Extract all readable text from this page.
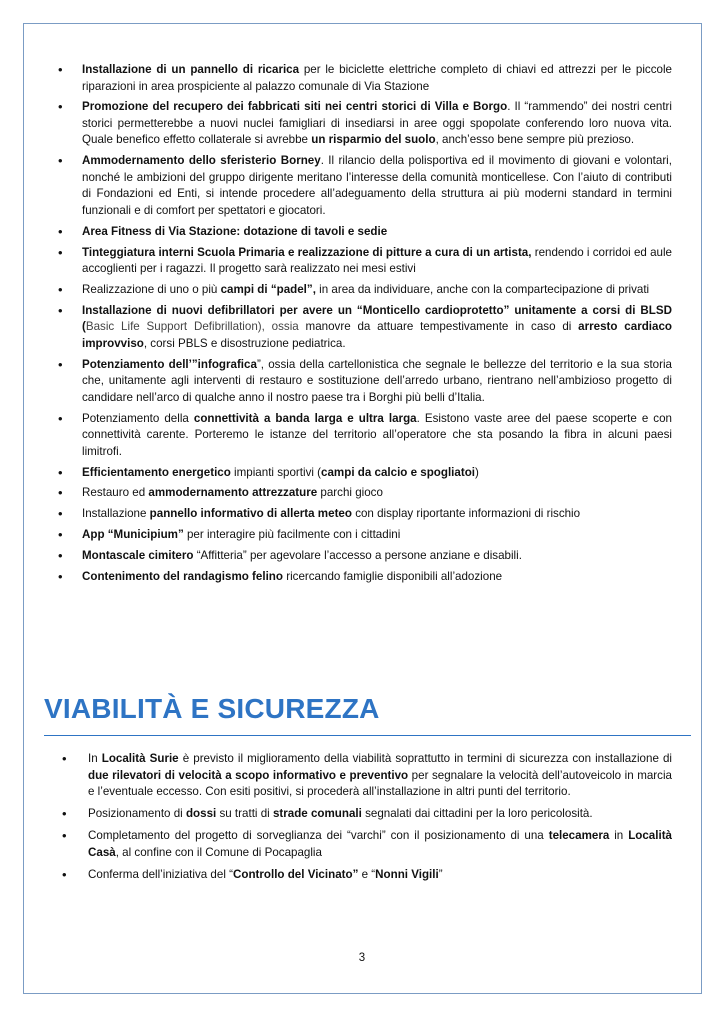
• Installazione di un pannello di ricarica per le biciclette elettriche completo di chiavi ed attrezzi per le piccole riparazioni in area prospiciente al palazzo comunale di Via Stazione
• Promozione del recupero dei fabbricati siti nei centri storici di Villa e Borgo. Il “rammendo” dei nostri centri storici permetterebbe a nuovi nuclei famigliari di insediarsi in aree oggi spopolate conferendo loro nuova vita. Quale benefico effetto collaterale si avrebbe un risparmio del suolo, anch’esso bene sempre più prezioso.
• Ammodernamento dello sferisterio Borney. Il rilancio della polisportiva ed il movimento di giovani e volontari, nonché le ambizioni del gruppo dirigente meritano l’interesse della comunità monticellese. Con l’aiuto di contributi di Fondazioni ed Enti, si intende procedere all’adeguamento della struttura ai più moderni standard in termini funzionali e di comfort per spettatori e giocatori.
• Area Fitness di Via Stazione: dotazione di tavoli e sedie
• Tinteggiatura interni Scuola Primaria e realizzazione di pitture a cura di un artista, rendendo i corridoi ed aule accoglienti per i ragazzi. Il progetto sarà realizzato nei mesi estivi
• Realizzazione di uno o più campi di “padel”, in area da individuare, anche con la compartecipazione di privati
• Installazione di nuovi defibrillatori per avere un “Monticello cardioprotetto” unitamente a corsi di BLSD (Basic Life Support Defibrillation), ossia manovre da attuare tempestivamente in caso di arresto cardiaco improvviso, corsi PBLS e disostruzione pediatrica.
• Potenziamento dell’”infografica”, ossia della cartellonistica che segnale le bellezze del territorio e la sua storia che, unitamente agli interventi di restauro e sostituzione dell’arredo urbano, rientrano nell’ambizioso progetto di candidare nell’arco di qualche anno il nostro paese tra i Borghi più belli d’Italia.
• Potenziamento della connettività a banda larga e ultra larga. Esistono vaste aree del paese scoperte e con connettività carente. Porteremo le istanze del territorio all’operatore che sta posando la fibra in alcuni paesi limitrofi.
• Efficientamento energetico impianti sportivi (campi da calcio e spogliatoi)
• Restauro ed ammodernamento attrezzature parchi gioco
• Installazione pannello informativo di allerta meteo con display riportante informazioni di rischio
• App “Municipium” per interagire più facilmente con i cittadini
• Montascale cimitero “Affitteria” per agevolare l’accesso a persone anziane e disabili.
• Contenimento del randagismo felino ricercando famiglie disponibili all’adozione
VIABILITÀ E SICUREZZA
• In Località Surie è previsto il miglioramento della viabilità soprattutto in termini di sicurezza con installazione di due rilevatori di velocità a scopo informativo e preventivo per segnalare la velocità dell’autoveicolo in marcia e l’eventuale eccesso. Con esiti positivi, si procederà all’installazione in altri punti del territorio.
• Posizionamento di dossi su tratti di strade comunali segnalati dai cittadini per la loro pericolosità.
• Completamento del progetto di sorveglianza dei “varchi” con il posizionamento di una telecamera in Località Casà, al confine con il Comune di Pocapaglia
• Conferma dell’iniziativa del “Controllo del Vicinato” e “Nonni Vigili”
3
